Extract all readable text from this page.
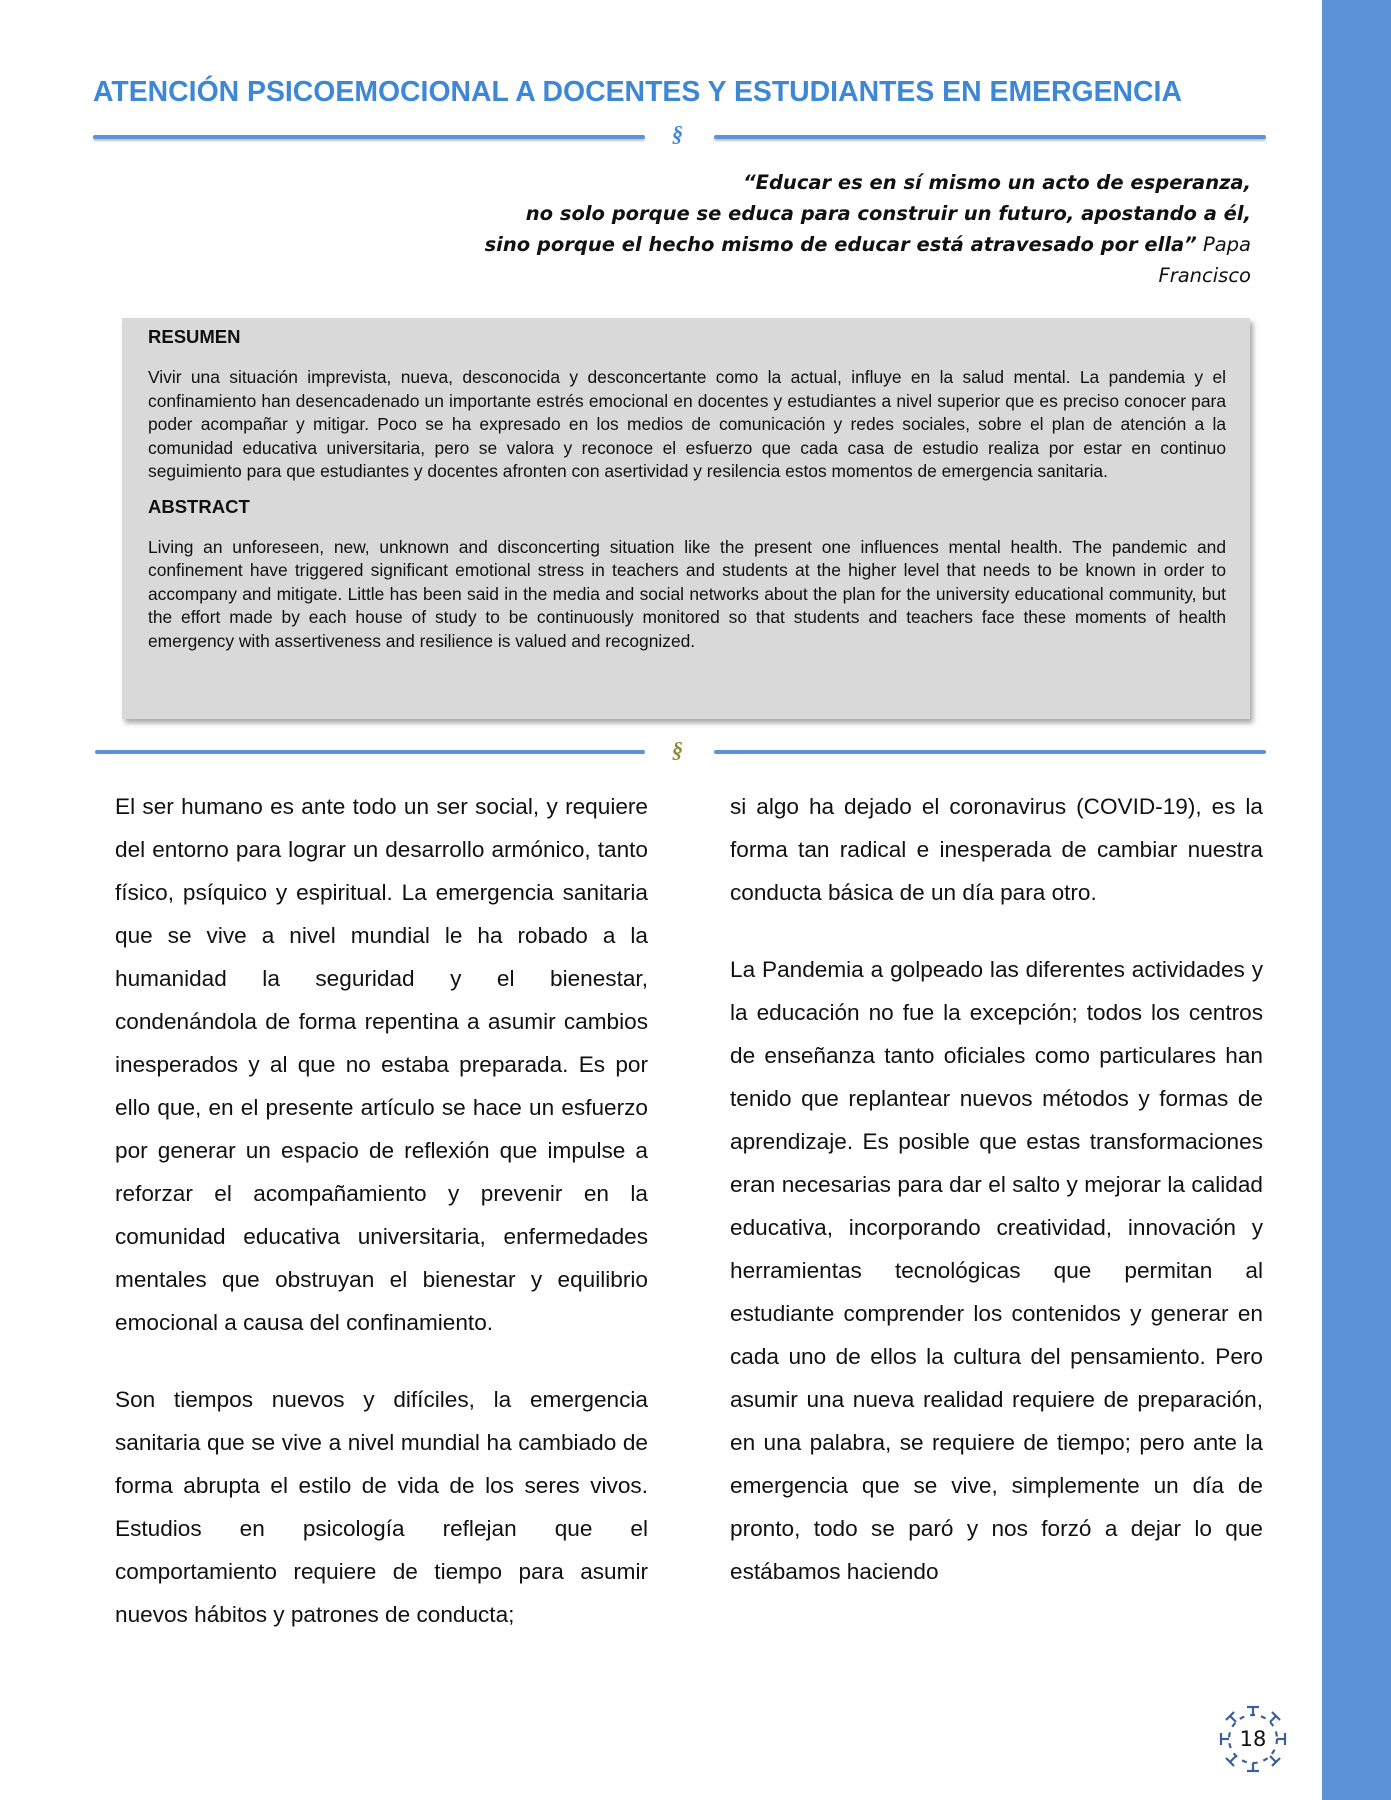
ATENCIÓN PSICOEMOCIONAL A DOCENTES Y ESTUDIANTES EN EMERGENCIA
§
“Educar es en sí mismo un acto de esperanza,
no solo porque se educa para construir un futuro, apostando a él,
sino porque el hecho mismo de educar está atravesado por ella” Papa
Francisco
RESUMEN

Vivir una situación imprevista, nueva, desconocida y desconcertante como la actual, influye en la salud mental. La pandemia y el confinamiento han desencadenado un importante estrés emocional en docentes y estudiantes a nivel superior que es preciso conocer para poder acompañar y mitigar. Poco se ha expresado en los medios de comunicación y redes sociales, sobre el plan de atención a la comunidad educativa universitaria, pero se valora y reconoce el esfuerzo que cada casa de estudio realiza por estar en continuo seguimiento para que estudiantes y docentes afronten con asertividad y resilencia estos momentos de emergencia sanitaria.

ABSTRACT

Living an unforeseen, new, unknown and disconcerting situation like the present one influences mental health. The pandemic and confinement have triggered significant emotional stress in teachers and students at the higher level that needs to be known in order to accompany and mitigate. Little has been said in the media and social networks about the plan for the university educational community, but the effort made by each house of study to be continuously monitored so that students and teachers face these moments of health emergency with assertiveness and resilience is valued and recognized.

§

El ser humano es ante todo un ser social, y requiere del entorno para lograr un desarrollo armónico, tanto físico, psíquico y espiritual. La emergencia sanitaria que se vive a nivel mundial le ha robado a la humanidad la seguridad y el bienestar, condenándola de forma repentina a asumir cambios inesperados y al que no estaba preparada. Es por ello que, en el presente artículo se hace un esfuerzo por generar un espacio de reflexión que impulse a reforzar el acompañamiento y prevenir en la comunidad educativa universitaria, enfermedades mentales que obstruyan el bienestar y equilibrio emocional a causa del confinamiento.

Son tiempos nuevos y difíciles, la emergencia sanitaria que se vive a nivel mundial ha cambiado de forma abrupta el estilo de vida de los seres vivos. Estudios en psicología reflejan que el comportamiento requiere de tiempo para asumir nuevos hábitos y patrones de conducta;

si algo ha dejado el coronavirus (COVID-19), es la forma tan radical e inesperada de cambiar nuestra conducta básica de un día para otro.

La Pandemia a golpeado las diferentes actividades y la educación no fue la excepción; todos los centros de enseñanza tanto oficiales como particulares han tenido que replantear nuevos métodos y formas de aprendizaje. Es posible que estas transformaciones eran necesarias para dar el salto y mejorar la calidad educativa, incorporando creatividad, innovación y herramientas tecnológicas que permitan al estudiante comprender los contenidos y generar en cada uno de ellos la cultura del pensamiento. Pero asumir una nueva realidad requiere de preparación, en una palabra, se requiere de tiempo; pero ante la emergencia que se vive, simplemente un día de pronto, todo se paró y nos forzó a dejar lo que estábamos haciendo

18
